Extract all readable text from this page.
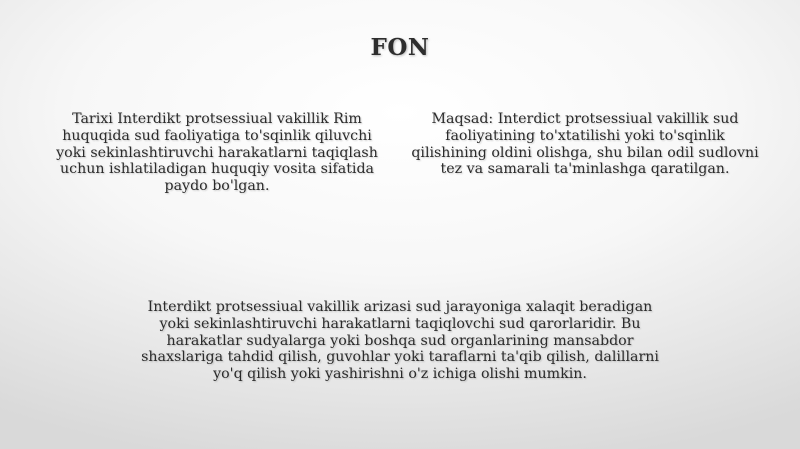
FON
Tarixi Interdikt protsessiual vakillik Rim huquqida sud faoliyatiga to'sqinlik qiluvchi yoki sekinlashtiruvchi harakatlarni taqiqlash uchun ishlatiladigan huquqiy vosita sifatida paydo bo'lgan.
Maqsad: Interdict protsessiual vakillik sud faoliyatining to'xtatilishi yoki to'sqinlik qilishining oldini olishga, shu bilan odil sudlovni tez va samarali ta'minlashga qaratilgan.
Interdikt protsessiual vakillik arizasi sud jarayoniga xalaqit beradigan yoki sekinlashtiruvchi harakatlarni taqiqlovchi sud qarorlaridir. Bu harakatlar sudyalarga yoki boshqa sud organlarining mansabdor shaxslariga tahdid qilish, guvohlar yoki taraflarni ta'qib qilish, dalillarni yo'q qilish yoki yashirishni o'z ichiga olishi mumkin.
